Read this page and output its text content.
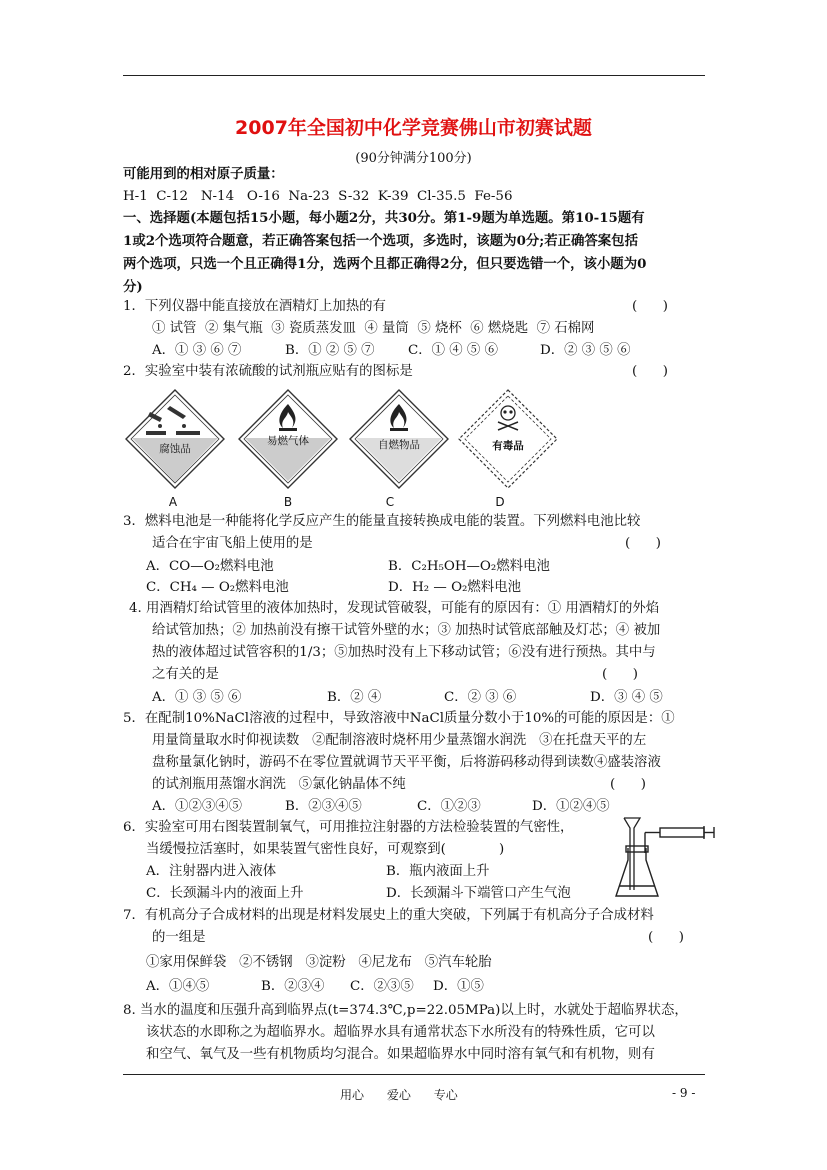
2007年全国初中化学竞赛佛山市初赛试题
(90分钟满分100分)
可能用到的相对原子质量：
H-1  C-12   N-14   O-16  Na-23  S-32  K-39  Cl-35.5  Fe-56
一、选择题(本题包括15小题，每小题2分，共30分。第1-9题为单选题。第10-15题有
1或2个选项符合题意，若正确答案包括一个选项，多选时，该题为0分;若正确答案包括
两个选项，只选一个且正确得1分，选两个且都正确得2分，但只要选错一个，该小题为0
分)
1．下列仪器中能直接放在酒精灯上加热的有	(      )
① 试管  ② 集气瓶  ③ 瓷质蒸发皿  ④ 量筒  ⑤ 烧杯  ⑥ 燃烧匙  ⑦ 石棉网
A．① ③ ⑥ ⑦	B．① ② ⑤ ⑦ C．① ④ ⑤ ⑥	D．② ③ ⑤ ⑥
2．实验室中装有浓硫酸的试剂瓶应贴有的图标是	(      )
腐蚀品
易燃气体	自燃物品	有毒品
A	B	C	D
3．燃料电池是一种能将化学反应产生的能量直接转换成电能的装置。下列燃料电池比较
适合在宇宙飞船上使用的是	(      )
A．CO—O₂燃料电池	B．C₂H₅OH—O₂燃料电池
C．CH₄ — O₂燃料电池	D．H₂ — O₂燃料电池
4. 用酒精灯给试管里的液体加热时，发现试管破裂，可能有的原因有：① 用酒精灯的外焰
给试管加热；② 加热前没有擦干试管外壁的水；③ 加热时试管底部触及灯芯；④ 被加
热的液体超过试管容积的1/3；⑤加热时没有上下移动试管；⑥没有进行预热。其中与
之有关的是	(      )
A．① ③ ⑤ ⑥	B．② ④	C．② ③ ⑥	D．③ ④ ⑤
5．在配制10%NaCl溶液的过程中，导致溶液中NaCl质量分数小于10%的可能的原因是：①
用量筒量取水时仰视读数   ②配制溶液时烧杯用少量蒸馏水润洗   ③在托盘天平的左
盘称量氯化钠时，游码不在零位置就调节天平平衡，后将游码移动得到读数④盛装溶液
的试剂瓶用蒸馏水润洗   ⑤氯化钠晶体不纯	(      )
A．①②③④⑤	B．②③④⑤	C．①②③	D．①②④⑤
6．实验室可用右图装置制氧气，可用推拉注射器的方法检验装置的气密性，
当缓慢拉活塞时，如果装置气密性良好，可观察到(	)
A．注射器内进入液体	B．瓶内液面上升
C．长颈漏斗内的液面上升	D．长颈漏斗下端管口产生气泡
7．有机高分子合成材料的出现是材料发展史上的重大突破，下列属于有机高分子合成材料
的一组是	(      )
①家用保鲜袋   ②不锈钢   ③淀粉   ④尼龙布   ⑤汽车轮胎
A．①④⑤	B．②③④ C．②③⑤ D．①⑤
8. 当水的温度和压强升高到临界点(t=374.3℃,p=22.05MPa)以上时，水就处于超临界状态，
该状态的水即称之为超临界水。超临界水具有通常状态下水所没有的特殊性质，它可以
和空气、氧气及一些有机物质均匀混合。如果超临界水中同时溶有氧气和有机物，则有
用心      爱心      专心	- 9 -
